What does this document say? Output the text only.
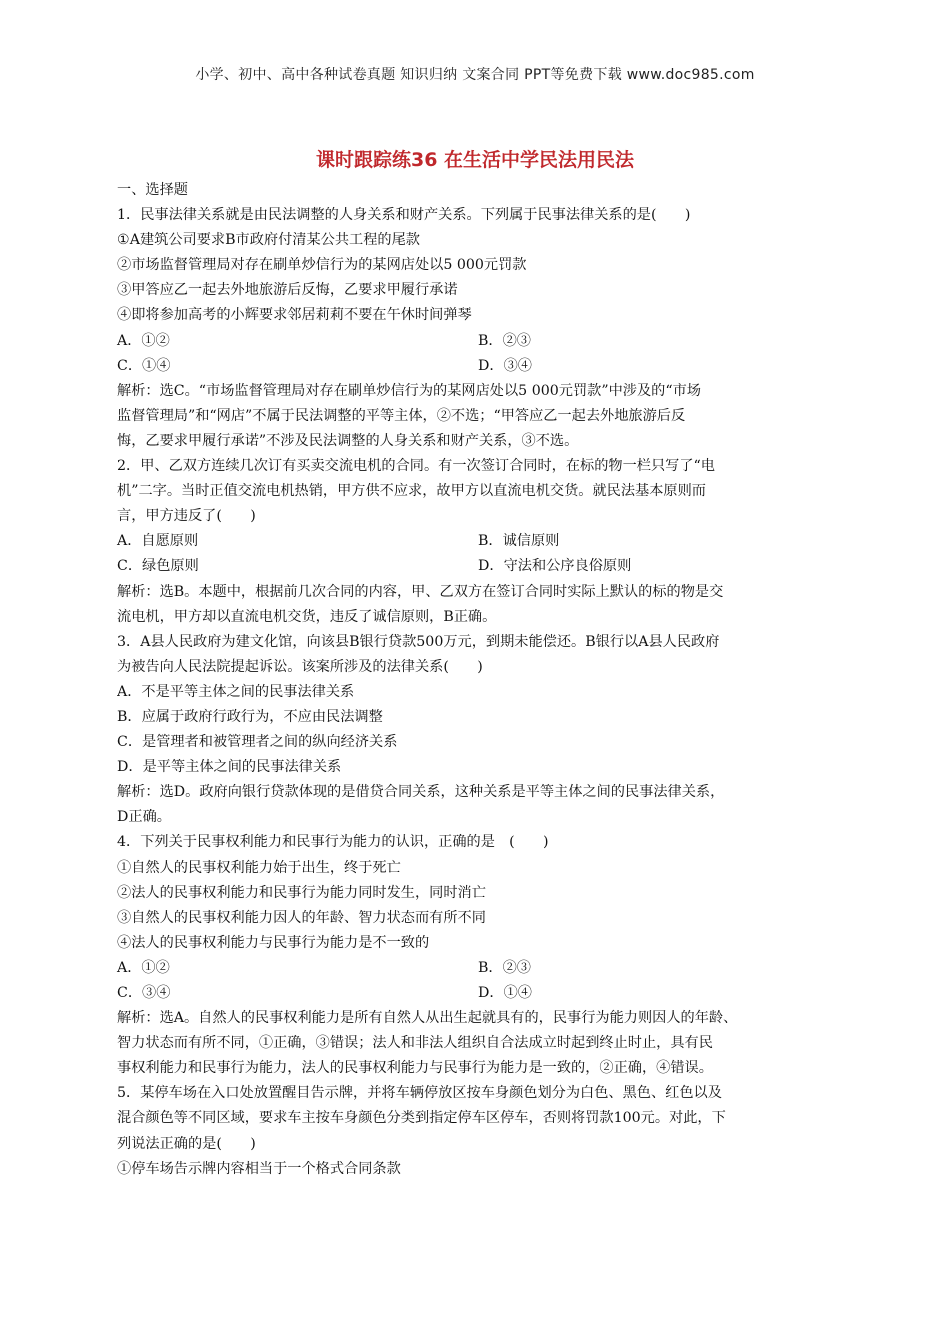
小学、初中、高中各种试卷真题 知识归纳 文案合同 PPT等免费下载 www.doc985.com
课时跟踪练36 在生活中学民法用民法
一、选择题
1．民事法律关系就是由民法调整的人身关系和财产关系。下列属于民事法律关系的是(　　)
①A建筑公司要求B市政府付清某公共工程的尾款
②市场监督管理局对存在刷单炒信行为的某网店处以5 000元罚款
③甲答应乙一起去外地旅游后反悔，乙要求甲履行承诺
④即将参加高考的小辉要求邻居莉莉不要在午休时间弹琴
A．①②	B．②③
C．①④	D．③④
解析：选C。“市场监督管理局对存在刷单炒信行为的某网店处以5 000元罚款”中涉及的“市场
监督管理局”和“网店”不属于民法调整的平等主体，②不选；“甲答应乙一起去外地旅游后反
悔，乙要求甲履行承诺”不涉及民法调整的人身关系和财产关系，③不选。
2．甲、乙双方连续几次订有买卖交流电机的合同。有一次签订合同时，在标的物一栏只写了“电
机”二字。当时正值交流电机热销，甲方供不应求，故甲方以直流电机交货。就民法基本原则而
言，甲方违反了(　　)
A．自愿原则	B．诚信原则
C．绿色原则	D．守法和公序良俗原则
解析：选B。本题中，根据前几次合同的内容，甲、乙双方在签订合同时实际上默认的标的物是交
流电机，甲方却以直流电机交货，违反了诚信原则，B正确。
3．A县人民政府为建文化馆，向该县B银行贷款500万元，到期未能偿还。B银行以A县人民政府
为被告向人民法院提起诉讼。该案所涉及的法律关系(　　)
A．不是平等主体之间的民事法律关系
B．应属于政府行政行为，不应由民法调整
C．是管理者和被管理者之间的纵向经济关系
D．是平等主体之间的民事法律关系
解析：选D。政府向银行贷款体现的是借贷合同关系，这种关系是平等主体之间的民事法律关系，
D正确。
4．下列关于民事权利能力和民事行为能力的认识，正确的是　(　　)
①自然人的民事权利能力始于出生，终于死亡
②法人的民事权利能力和民事行为能力同时发生，同时消亡
③自然人的民事权利能力因人的年龄、智力状态而有所不同
④法人的民事权利能力与民事行为能力是不一致的
A．①②	B．②③
C．③④	D．①④
解析：选A。自然人的民事权利能力是所有自然人从出生起就具有的，民事行为能力则因人的年龄、
智力状态而有所不同，①正确，③错误；法人和非法人组织自合法成立时起到终止时止，具有民
事权利能力和民事行为能力，法人的民事权利能力与民事行为能力是一致的，②正确，④错误。
5．某停车场在入口处放置醒目告示牌，并将车辆停放区按车身颜色划分为白色、黑色、红色以及
混合颜色等不同区域，要求车主按车身颜色分类到指定停车区停车，否则将罚款100元。对此，下
列说法正确的是(　　)
①停车场告示牌内容相当于一个格式合同条款
